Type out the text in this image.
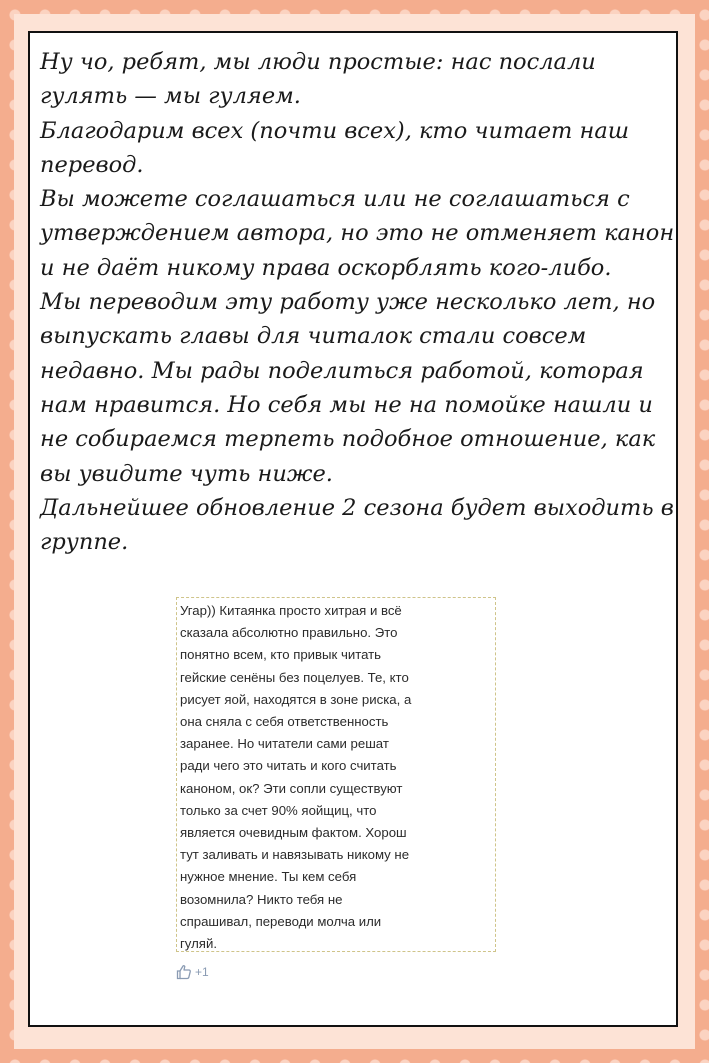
Ну чо, ребят, мы люди простые: нас послали гулять — мы гуляем.
Благодарим всех (почти всех), кто читает наш перевод.
Вы можете соглашаться или не соглашаться с утверждением автора, но это не отменяет канон и не даёт никому права оскорблять кого-либо.
Мы переводим эту работу уже несколько лет, но выпускать главы для читалок стали совсем недавно. Мы рады поделиться работой, которая нам нравится. Но себя мы не на помойке нашли и не собираемся терпеть подобное отношение, как вы увидите чуть ниже.
Дальнейшее обновление 2 сезона будет выходить в группе.

Угар)) Китаянка просто хитрая и всё
сказала абсолютно правильно. Это
понятно всем, кто привык читать
гейские сенёны без поцелуев. Те, кто
рисует яой, находятся в зоне риска, а
она сняла с себя ответственность
заранее. Но читатели сами решат
ради чего это читать и кого считать
каноном, ок? Эти сопли существуют
только за счет 90% яойщиц, что
является очевидным фактом. Хорош
тут заливать и навязывать никому не
нужное мнение. Ты кем себя
возомнила? Никто тебя не
спрашивал, переводи молча или
гуляй.

+1
